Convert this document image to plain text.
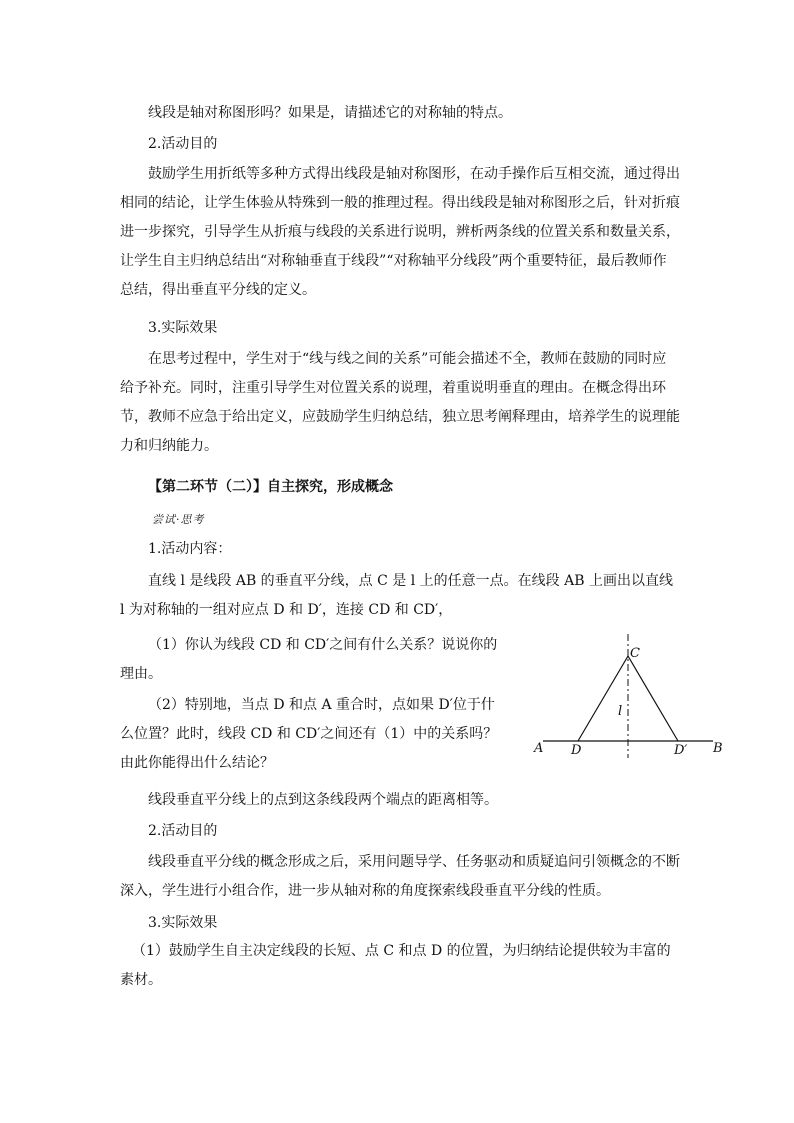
线段是轴对称图形吗？如果是，请描述它的对称轴的特点。

2.活动目的

鼓励学生用折纸等多种方式得出线段是轴对称图形，在动手操作后互相交流，通过得出相同的结论，让学生体验从特殊到一般的推理过程。得出线段是轴对称图形之后，针对折痕进一步探究，引导学生从折痕与线段的关系进行说明，辨析两条线的位置关系和数量关系，让学生自主归纳总结出“对称轴垂直于线段”“对称轴平分线段”两个重要特征，最后教师作总结，得出垂直平分线的定义。

3.实际效果

在思考过程中，学生对于“线与线之间的关系”可能会描述不全，教师在鼓励的同时应给予补充。同时，注重引导学生对位置关系的说理，着重说明垂直的理由。在概念得出环节，教师不应急于给出定义，应鼓励学生归纳总结，独立思考阐释理由，培养学生的说理能力和归纳能力。

【第二环节（二）】自主探究，形成概念

尝试·思考

1.活动内容：

直线 l 是线段 AB 的垂直平分线，点 C 是 l 上的任意一点。在线段 AB 上画出以直线 l 为对称轴的一组对应点 D 和 D′，连接 CD 和 CD′，

（1）你认为线段 CD 和 CD′之间有什么关系？说说你的理由。

（2）特别地，当点 D 和点 A 重合时，点如果 D′位于什么位置？此时，线段 CD 和 CD′之间还有（1）中的关系吗？由此你能得出什么结论？

A	B
C
D	D′
l

线段垂直平分线上的点到这条线段两个端点的距离相等。

2.活动目的

线段垂直平分线的概念形成之后，采用问题导学、任务驱动和质疑追问引领概念的不断深入，学生进行小组合作，进一步从轴对称的角度探索线段垂直平分线的性质。

3.实际效果

（1）鼓励学生自主决定线段的长短、点 C 和点 D 的位置，为归纳结论提供较为丰富的素材。
